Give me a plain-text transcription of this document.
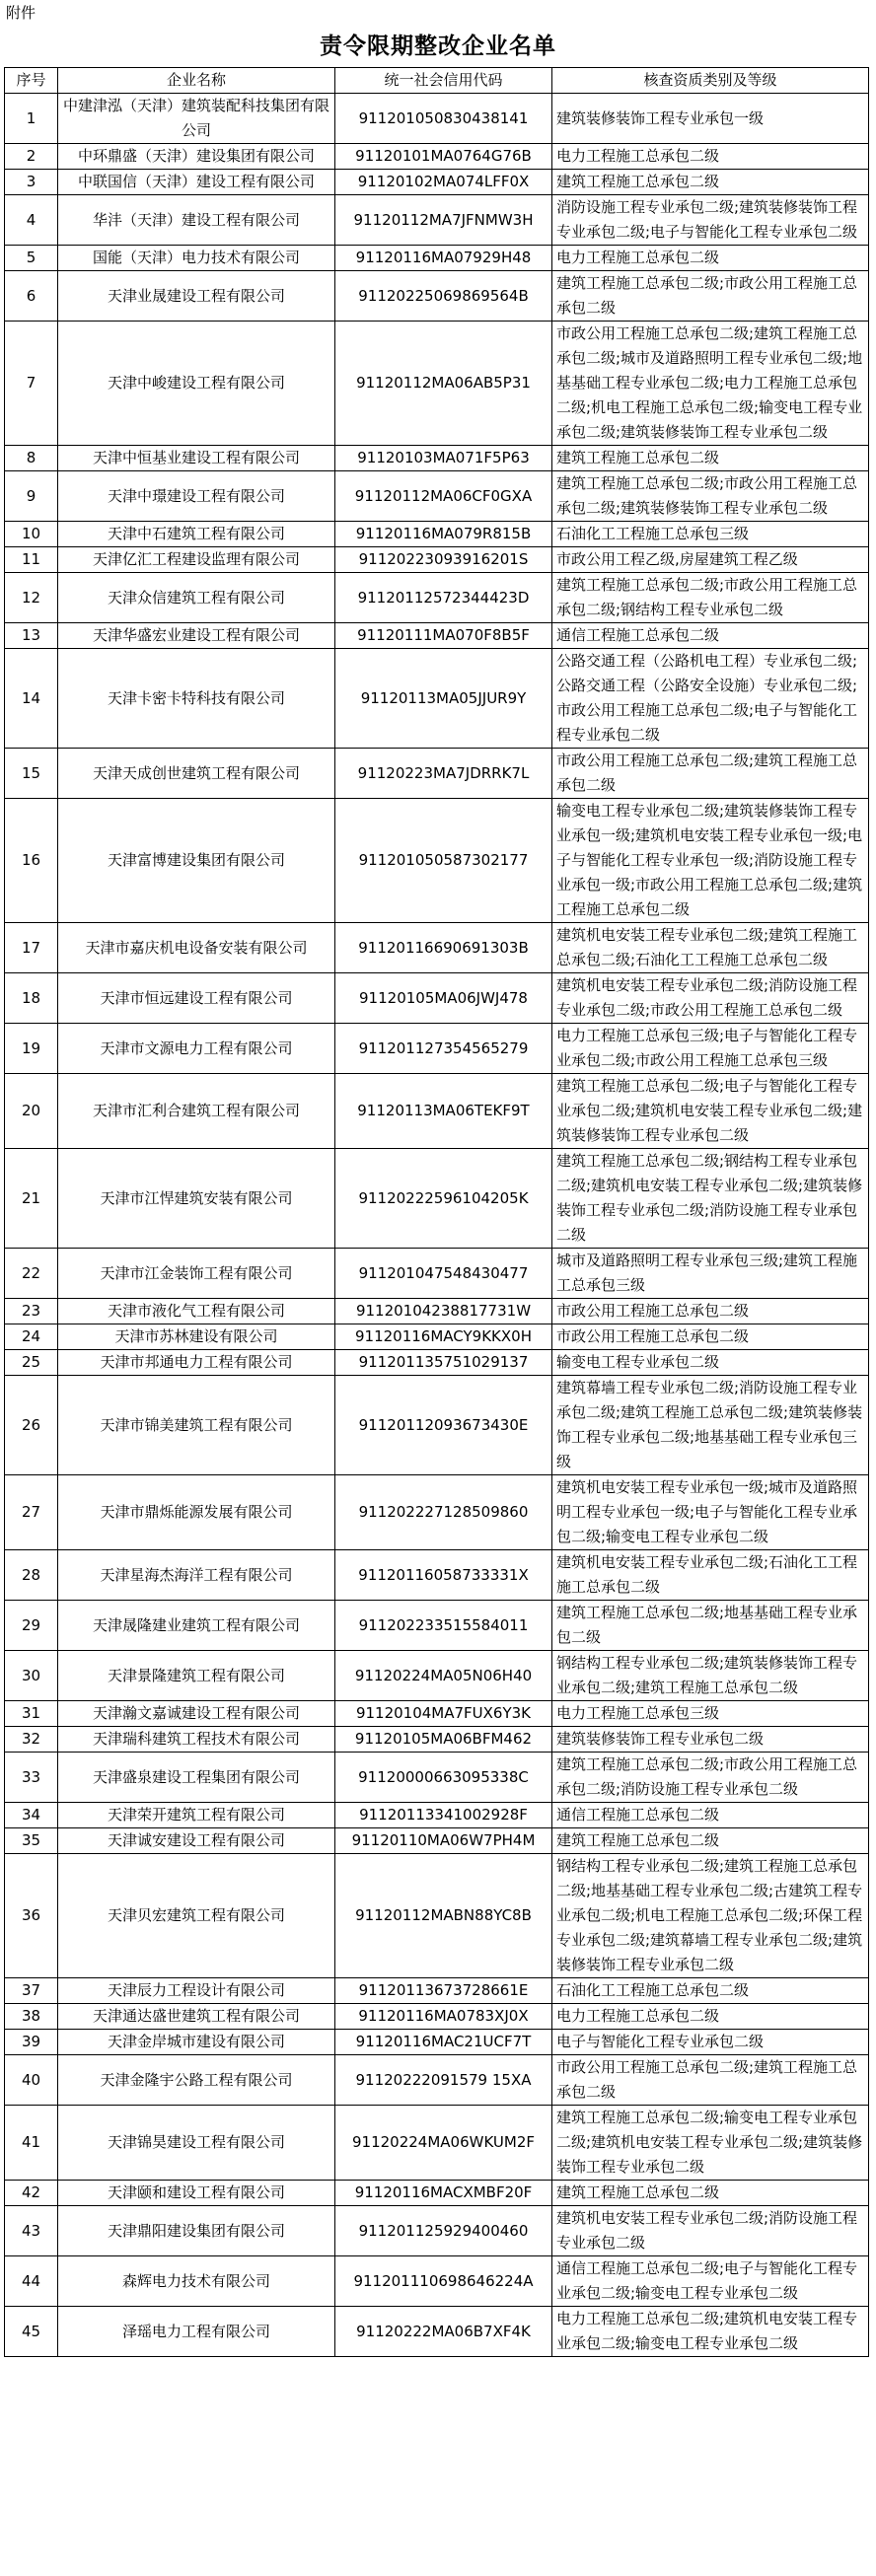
附件
责令限期整改企业名单
序号	企业名称	统一社会信用代码	核查资质类别及等级
1	中建津泓（天津）建筑装配科技集团有限公司	911201050830438141	建筑装修装饰工程专业承包一级
2	中环鼎盛（天津）建设集团有限公司	91120101MA0764G76B	电力工程施工总承包二级
3	中联国信（天津）建设工程有限公司	91120102MA074LFF0X	建筑工程施工总承包二级
4	华沣（天津）建设工程有限公司	91120112MA7JFNMW3H	消防设施工程专业承包二级;建筑装修装饰工程专业承包二级;电子与智能化工程专业承包二级
5	国能（天津）电力技术有限公司	91120116MA07929H48	电力工程施工总承包二级
6	天津业晟建设工程有限公司	91120225069869564B	建筑工程施工总承包二级;市政公用工程施工总承包二级
7	天津中峻建设工程有限公司	91120112MA06AB5P31	市政公用工程施工总承包二级;建筑工程施工总承包二级;城市及道路照明工程专业承包二级;地基基础工程专业承包二级;电力工程施工总承包二级;机电工程施工总承包二级;输变电工程专业承包二级;建筑装修装饰工程专业承包二级
8	天津中恒基业建设工程有限公司	91120103MA071F5P63	建筑工程施工总承包二级
9	天津中璟建设工程有限公司	91120112MA06CF0GXA	建筑工程施工总承包二级;市政公用工程施工总承包二级;建筑装修装饰工程专业承包二级
10	天津中石建筑工程有限公司	91120116MA079R815B	石油化工工程施工总承包三级
11	天津亿汇工程建设监理有限公司	91120223093916201S	市政公用工程乙级,房屋建筑工程乙级
12	天津众信建筑工程有限公司	91120112572344423D	建筑工程施工总承包二级;市政公用工程施工总承包二级;钢结构工程专业承包二级
13	天津华盛宏业建设工程有限公司	91120111MA070F8B5F	通信工程施工总承包二级
14	天津卡密卡特科技有限公司	91120113MA05JJUR9Y	公路交通工程（公路机电工程）专业承包二级;公路交通工程（公路安全设施）专业承包二级;市政公用工程施工总承包二级;电子与智能化工程专业承包二级
15	天津天成创世建筑工程有限公司	91120223MA7JDRRK7L	市政公用工程施工总承包二级;建筑工程施工总承包二级
16	天津富博建设集团有限公司	911201050587302177	输变电工程专业承包二级;建筑装修装饰工程专业承包一级;建筑机电安装工程专业承包一级;电子与智能化工程专业承包一级;消防设施工程专业承包一级;市政公用工程施工总承包二级;建筑工程施工总承包二级
17	天津市嘉庆机电设备安装有限公司	91120116690691303B	建筑机电安装工程专业承包二级;建筑工程施工总承包二级;石油化工工程施工总承包二级
18	天津市恒远建设工程有限公司	91120105MA06JWJ478	建筑机电安装工程专业承包二级;消防设施工程专业承包二级;市政公用工程施工总承包二级
19	天津市文源电力工程有限公司	911201127354565279	电力工程施工总承包三级;电子与智能化工程专业承包二级;市政公用工程施工总承包三级
20	天津市汇利合建筑工程有限公司	91120113MA06TEKF9T	建筑工程施工总承包二级;电子与智能化工程专业承包二级;建筑机电安装工程专业承包二级;建筑装修装饰工程专业承包二级
21	天津市江悍建筑安装有限公司	91120222596104205K	建筑工程施工总承包二级;钢结构工程专业承包二级;建筑机电安装工程专业承包二级;建筑装修装饰工程专业承包二级;消防设施工程专业承包二级
22	天津市江金装饰工程有限公司	911201047548430477	城市及道路照明工程专业承包三级;建筑工程施工总承包三级
23	天津市液化气工程有限公司	91120104238817731W	市政公用工程施工总承包二级
24	天津市苏林建设有限公司	91120116MACY9KKX0H	市政公用工程施工总承包二级
25	天津市邦通电力工程有限公司	911201135751029137	输变电工程专业承包二级
26	天津市锦美建筑工程有限公司	91120112093673430E	建筑幕墙工程专业承包二级;消防设施工程专业承包二级;建筑工程施工总承包二级;建筑装修装饰工程专业承包二级;地基基础工程专业承包三级
27	天津市鼎烁能源发展有限公司	911202227128509860	建筑机电安装工程专业承包一级;城市及道路照明工程专业承包一级;电子与智能化工程专业承包二级;输变电工程专业承包二级
28	天津星海杰海洋工程有限公司	91120116058733331X	建筑机电安装工程专业承包二级;石油化工工程施工总承包二级
29	天津晟隆建业建筑工程有限公司	911202233515584011	建筑工程施工总承包二级;地基基础工程专业承包二级
30	天津景隆建筑工程有限公司	91120224MA05N06H40	钢结构工程专业承包二级;建筑装修装饰工程专业承包二级;建筑工程施工总承包二级
31	天津瀚文嘉诚建设工程有限公司	91120104MA7FUX6Y3K	电力工程施工总承包三级
32	天津瑞科建筑工程技术有限公司	91120105MA06BFM462	建筑装修装饰工程专业承包二级
33	天津盛泉建设工程集团有限公司	91120000663095338C	建筑工程施工总承包二级;市政公用工程施工总承包二级;消防设施工程专业承包二级
34	天津荣开建筑工程有限公司	91120113341002928F	通信工程施工总承包二级
35	天津诚安建设工程有限公司	91120110MA06W7PH4M	建筑工程施工总承包二级
36	天津贝宏建筑工程有限公司	91120112MABN88YC8B	钢结构工程专业承包二级;建筑工程施工总承包二级;地基基础工程专业承包二级;古建筑工程专业承包二级;机电工程施工总承包二级;环保工程专业承包二级;建筑幕墙工程专业承包二级;建筑装修装饰工程专业承包二级
37	天津辰力工程设计有限公司	91120113673728661E	石油化工工程施工总承包二级
38	天津通达盛世建筑工程有限公司	91120116MA0783XJ0X	电力工程施工总承包二级
39	天津金岸城市建设有限公司	91120116MAC21UCF7T	电子与智能化工程专业承包二级
40	天津金隆宇公路工程有限公司	91120222091579 15XA	市政公用工程施工总承包二级;建筑工程施工总承包二级
41	天津锦昊建设工程有限公司	91120224MA06WKUM2F	建筑工程施工总承包二级;输变电工程专业承包二级;建筑机电安装工程专业承包二级;建筑装修装饰工程专业承包二级
42	天津颐和建设工程有限公司	91120116MACXMBF20F	建筑工程施工总承包二级
43	天津鼎阳建设集团有限公司	911201125929400460	建筑机电安装工程专业承包二级;消防设施工程专业承包二级
44	森辉电力技术有限公司	911201110698646224A	通信工程施工总承包二级;电子与智能化工程专业承包二级;输变电工程专业承包二级
45	泽瑶电力工程有限公司	91120222MA06B7XF4K	电力工程施工总承包二级;建筑机电安装工程专业承包二级;输变电工程专业承包二级
